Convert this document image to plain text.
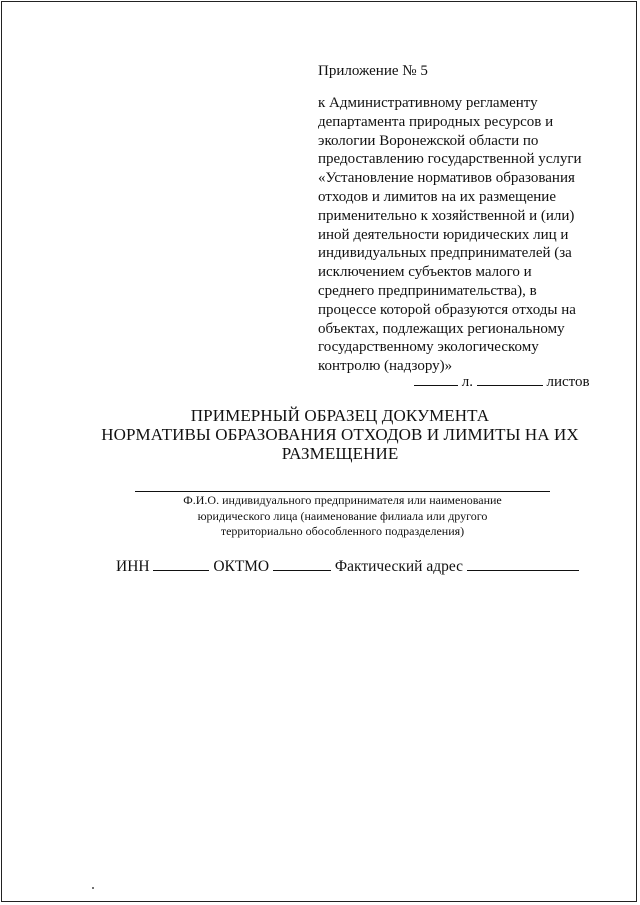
Приложение № 5
к Административному регламенту
департамента природных ресурсов и
экологии Воронежской области по
предоставлению государственной услуги
«Установление нормативов образования
отходов и лимитов на их размещение
применительно к хозяйственной и (или)
иной деятельности юридических лиц и
индивидуальных предпринимателей (за
исключением субъектов малого и
среднего предпринимательства), в
процессе которой образуются отходы на
объектах, подлежащих региональному
государственному экологическому
контролю (надзору)»
л.	листов
ПРИМЕРНЫЙ ОБРАЗЕЦ ДОКУМЕНТА
НОРМАТИВЫ ОБРАЗОВАНИЯ ОТХОДОВ И ЛИМИТЫ НА ИХ
РАЗМЕЩЕНИЕ
Ф.И.О. индивидуального предпринимателя или наименование
юридического лица (наименование филиала или другого
территориально обособленного подразделения)
ИНН	ОКТМО	Фактический адрес
